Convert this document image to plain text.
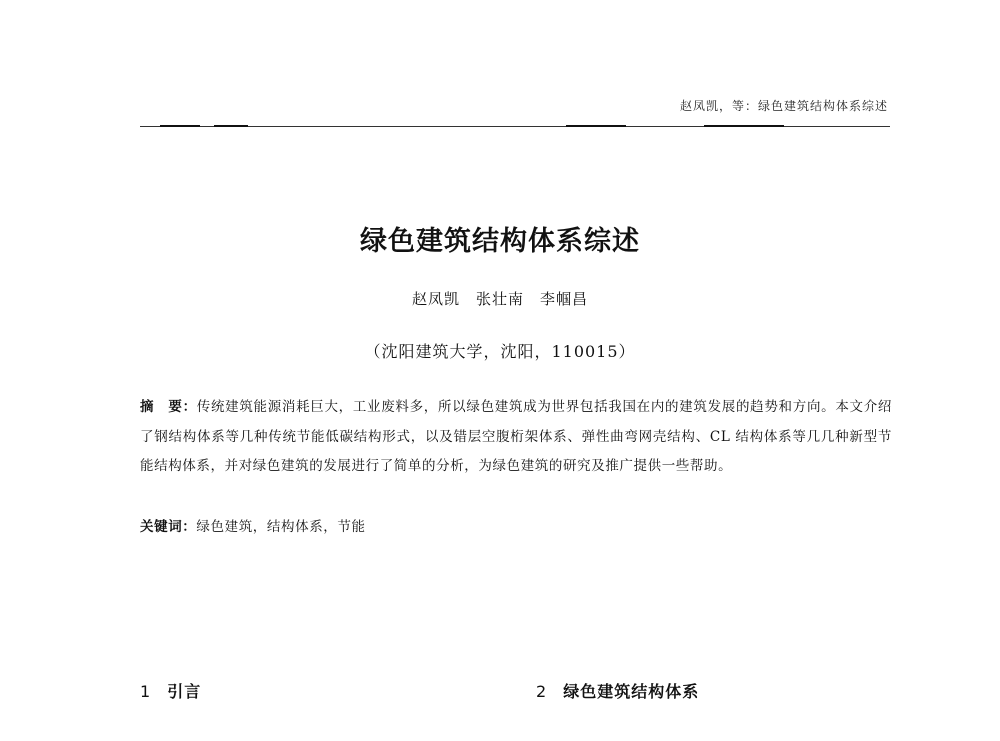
赵凤凯，等：绿色建筑结构体系综述
绿色建筑结构体系综述
赵凤凯　张壮南　李帼昌
（沈阳建筑大学，沈阳，110015）
摘　要：传统建筑能源消耗巨大，工业废料多，所以绿色建筑成为世界包括我国在内的建筑发展的趋势和方向。本文介绍了钢结构体系等几种传统节能低碳结构形式，以及错层空腹桁架体系、弹性曲弯网壳结构、CL 结构体系等几几种新型节能结构体系，并对绿色建筑的发展进行了简单的分析，为绿色建筑的研究及推广提供一些帮助。
关键词：绿色建筑，结构体系，节能
1 引言	2 绿色建筑结构体系
